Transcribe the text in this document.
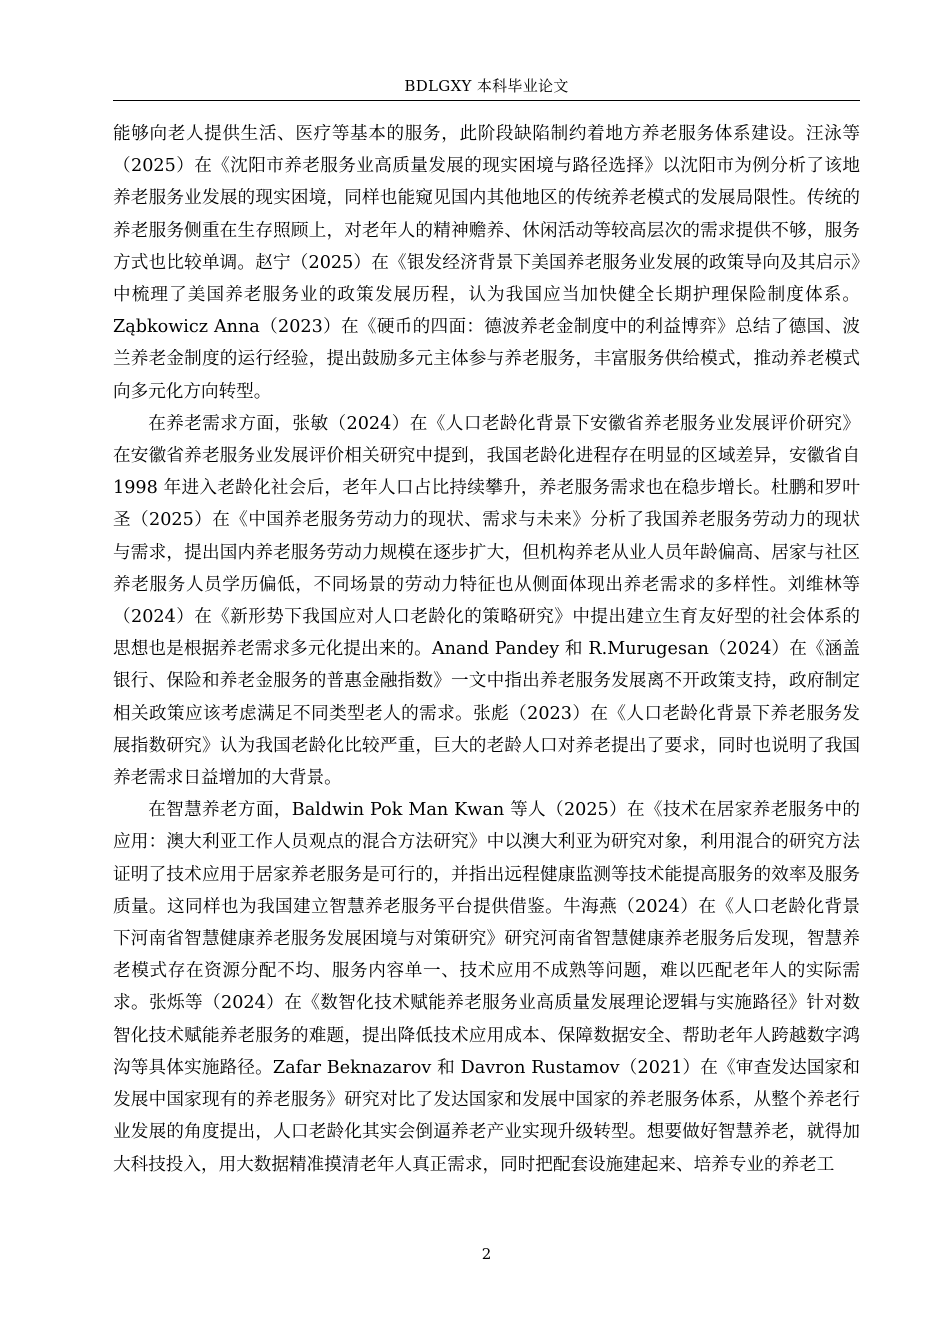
BDLGXY 本科毕业论文

能够向老人提供生活、医疗等基本的服务，此阶段缺陷制约着地方养老服务体系建设。汪泳等（2025）在《沈阳市养老服务业高质量发展的现实困境与路径选择》以沈阳市为例分析了该地养老服务业发展的现实困境，同样也能窥见国内其他地区的传统养老模式的发展局限性。传统的养老服务侧重在生存照顾上，对老年人的精神赡养、休闲活动等较高层次的需求提供不够，服务方式也比较单调。赵宁（2025）在《银发经济背景下美国养老服务业发展的政策导向及其启示》中梳理了美国养老服务业的政策发展历程，认为我国应当加快健全长期护理保险制度体系。Ząbkowicz Anna（2023）在《硬币的四面：德波养老金制度中的利益博弈》总结了德国、波兰养老金制度的运行经验，提出鼓励多元主体参与养老服务，丰富服务供给模式，推动养老模式向多元化方向转型。

在养老需求方面，张敏（2024）在《人口老龄化背景下安徽省养老服务业发展评价研究》在安徽省养老服务业发展评价相关研究中提到，我国老龄化进程存在明显的区域差异，安徽省自 1998 年进入老龄化社会后，老年人口占比持续攀升，养老服务需求也在稳步增长。杜鹏和罗叶圣（2025）在《中国养老服务劳动力的现状、需求与未来》分析了我国养老服务劳动力的现状与需求，提出国内养老服务劳动力规模在逐步扩大，但机构养老从业人员年龄偏高、居家与社区养老服务人员学历偏低，不同场景的劳动力特征也从侧面体现出养老需求的多样性。刘维林等（2024）在《新形势下我国应对人口老龄化的策略研究》中提出建立生育友好型的社会体系的思想也是根据养老需求多元化提出来的。Anand Pandey 和 R.Murugesan（2024）在《涵盖银行、保险和养老金服务的普惠金融指数》一文中指出养老服务发展离不开政策支持，政府制定相关政策应该考虑满足不同类型老人的需求。张彪（2023）在《人口老龄化背景下养老服务发展指数研究》认为我国老龄化比较严重，巨大的老龄人口对养老提出了要求，同时也说明了我国养老需求日益增加的大背景。

在智慧养老方面，Baldwin Pok Man Kwan 等人（2025）在《技术在居家养老服务中的应用：澳大利亚工作人员观点的混合方法研究》中以澳大利亚为研究对象，利用混合的研究方法证明了技术应用于居家养老服务是可行的，并指出远程健康监测等技术能提高服务的效率及服务质量。这同样也为我国建立智慧养老服务平台提供借鉴。牛海燕（2024）在《人口老龄化背景下河南省智慧健康养老服务发展困境与对策研究》研究河南省智慧健康养老服务后发现，智慧养老模式存在资源分配不均、服务内容单一、技术应用不成熟等问题，难以匹配老年人的实际需求。张烁等（2024）在《数智化技术赋能养老服务业高质量发展理论逻辑与实施路径》针对数智化技术赋能养老服务的难题，提出降低技术应用成本、保障数据安全、帮助老年人跨越数字鸿沟等具体实施路径。Zafar Beknazarov 和 Davron Rustamov（2021）在《审查发达国家和发展中国家现有的养老服务》研究对比了发达国家和发展中国家的养老服务体系，从整个养老行业发展的角度提出，人口老龄化其实会倒逼养老产业实现升级转型。想要做好智慧养老，就得加大科技投入，用大数据精准摸清老年人真正需求，同时把配套设施建起来、培养专业的养老工

2
